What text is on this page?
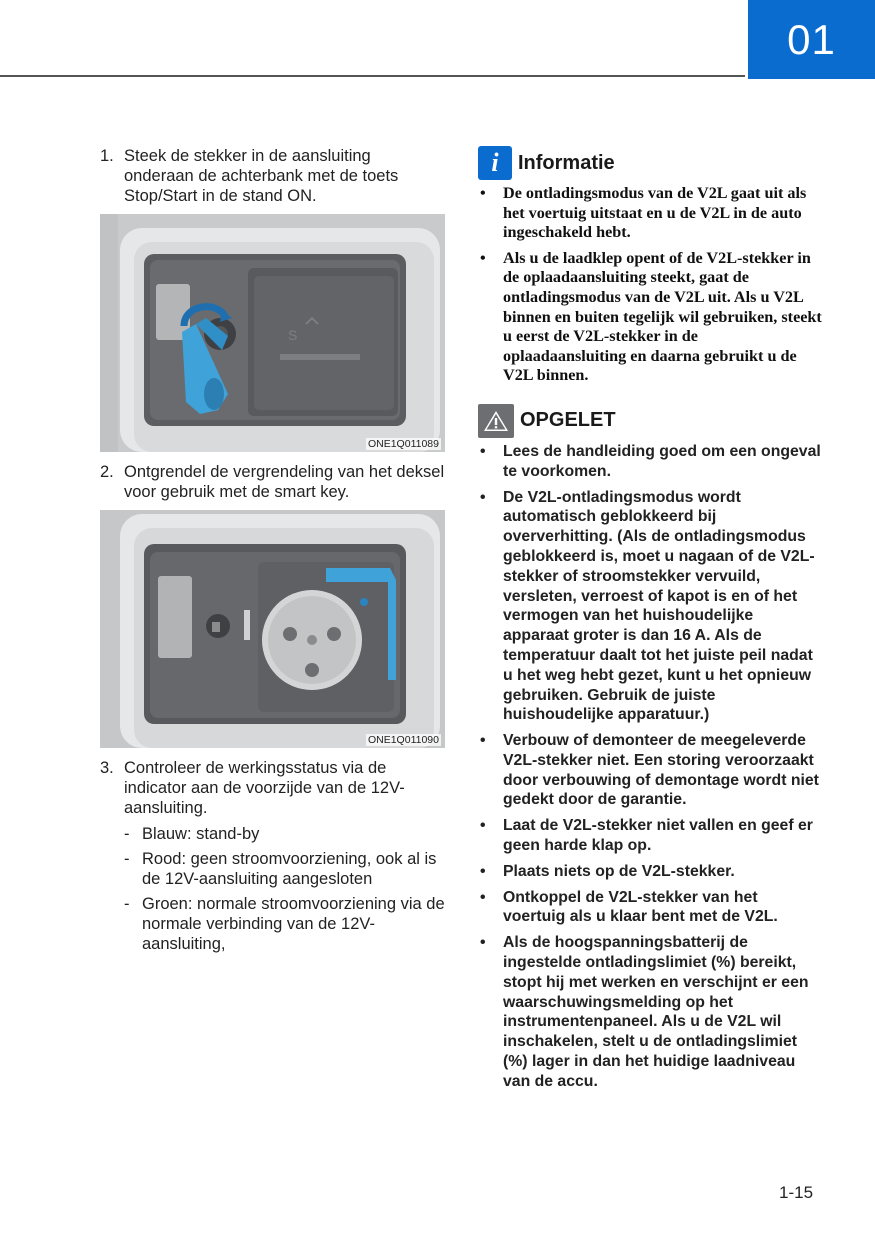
01
1. Steek de stekker in de aansluiting onderaan de achterbank met de toets Stop/Start in de stand ON.
S
ONE1Q011089
2. Ontgrendel de vergrendeling van het deksel voor gebruik met de smart key.
ONE1Q011090
3. Controleer de werkingsstatus via de indicator aan de voorzijde van de 12V-aansluiting.
- Blauw: stand-by
- Rood: geen stroomvoorziening, ook al is de 12V-aansluiting aangesloten
- Groen: normale stroomvoorziening via de normale verbinding van de 12V-aansluiting,
i Informatie
• De ontladingsmodus van de V2L gaat uit als het voertuig uitstaat en u de V2L in de auto ingeschakeld hebt.
• Als u de laadklep opent of de V2L-stekker in de oplaadaansluiting steekt, gaat de ontladingsmodus van de V2L uit. Als u V2L binnen en buiten tegelijk wil gebruiken, steekt u eerst de V2L-stekker in de oplaadaansluiting en daarna gebruikt u de V2L binnen.
OPGELET
• Lees de handleiding goed om een ongeval te voorkomen.
• De V2L-ontladingsmodus wordt automatisch geblokkeerd bij oververhitting. (Als de ontladingsmodus geblokkeerd is, moet u nagaan of de V2L-stekker of stroomstekker vervuild, versleten, verroest of kapot is en of het vermogen van het huishoudelijke apparaat groter is dan 16 A. Als de temperatuur daalt tot het juiste peil nadat u het weg hebt gezet, kunt u het opnieuw gebruiken. Gebruik de juiste huishoudelijke apparatuur.)
• Verbouw of demonteer de meegeleverde V2L-stekker niet. Een storing veroorzaakt door verbouwing of demontage wordt niet gedekt door de garantie.
• Laat de V2L-stekker niet vallen en geef er geen harde klap op.
• Plaats niets op de V2L-stekker.
• Ontkoppel de V2L-stekker van het voertuig als u klaar bent met de V2L.
• Als de hoogspanningsbatterij de ingestelde ontladingslimiet (%) bereikt, stopt hij met werken en verschijnt er een waarschuwingsmelding op het instrumentenpaneel. Als u de V2L wil inschakelen, stelt u de ontladingslimiet (%) lager in dan het huidige laadniveau van de accu.
1-15
